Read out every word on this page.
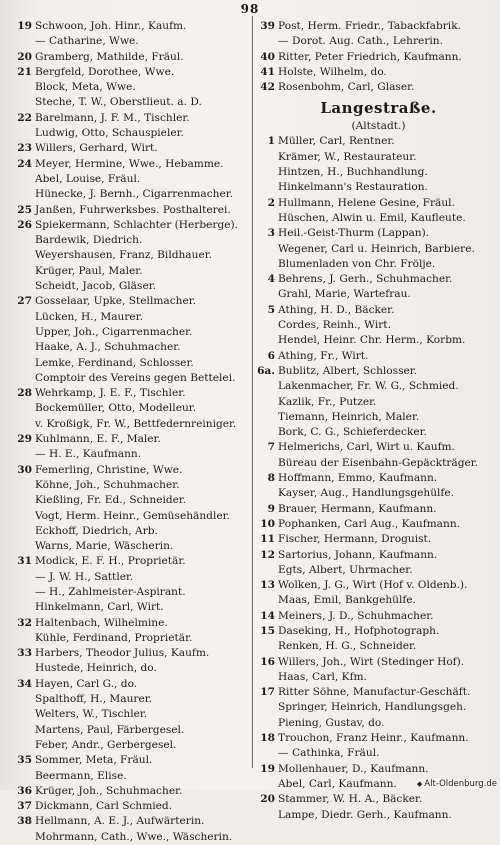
98
19 Schwoon, Joh. Hinr., Kaufm.
— Catharine, Wwe.
20 Gramberg, Mathilde, Fräul.
21 Bergfeld, Dorothee, Wwe.
Block, Meta, Wwe.
Steche, T. W., Oberstlieut. a. D.
22 Barelmann, J. F. M., Tischler.
Ludwig, Otto, Schauspieler.
23 Willers, Gerhard, Wirt.
24 Meyer, Hermine, Wwe., Hebamme.
Abel, Louise, Fräul.
Hünecke, J. Bernh., Cigarrenmacher.
25 Janßen, Fuhrwerksbes. Posthalterei.
26 Spiekermann, Schlachter (Herberge).
Bardewik, Diedrich.
Weyershausen, Franz, Bildhauer.
Krüger, Paul, Maler.
Scheidt, Jacob, Gläser.
27 Gosselaar, Upke, Stellmacher.
Lücken, H., Maurer.
Upper, Joh., Cigarrenmacher.
Haake, A. J., Schuhmacher.
Lemke, Ferdinand, Schlosser.
Comptoir des Vereins gegen Bettelei.
28 Wehrkamp, J. E. F., Tischler.
Bockemüller, Otto, Modelleur.
v. Kroßigk, Fr. W., Bettfedernreiniger.
29 Kuhlmann, E. F., Maler.
— H. E., Kaufmann.
30 Femerling, Christine, Wwe.
Köhne, Joh., Schuhmacher.
Kießling, Fr. Ed., Schneider.
Vogt, Herm. Heinr., Gemüsehändler.
Eckhoff, Diedrich, Arb.
Warns, Marie, Wäscherin.
31 Modick, E. F. H., Proprietär.
— J. W. H., Sattler.
— H., Zahlmeister-Aspirant.
Hinkelmann, Carl, Wirt.
32 Haltenbach, Wilhelmine.
Kühle, Ferdinand, Proprietär.
33 Harbers, Theodor Julius, Kaufm.
Hustede, Heinrich, do.
34 Hayen, Carl G., do.
Spalthoff, H., Maurer.
Welters, W., Tischler.
Martens, Paul, Färbergesel.
Feber, Andr., Gerbergesel.
35 Sommer, Meta, Fräul.
Beermann, Elise.
36 Krüger, Joh., Schuhmacher.
37 Dickmann, Carl Schmied.
38 Hellmann, A. E. J., Aufwärterin.
Mohrmann, Cath., Wwe., Wäscherin.
39 Post, Herm. Friedr., Tabackfabrik.
— Dorot. Aug. Cath., Lehrerin.
40 Ritter, Peter Friedrich, Kaufmann.
41 Holste, Wilhelm, do.
42 Rosenbohm, Carl, Glaser.
Langestraße.
(Altstadt.)
1 Müller, Carl, Rentner.
Krämer, W., Restaurateur.
Hintzen, H., Buchhandlung.
Hinkelmann's Restauration.
2 Hullmann, Helene Gesine, Fräul.
Hüschen, Alwin u. Emil, Kaufleute.
3 Heil.-Geist-Thurm (Lappan).
Wegener, Carl u. Heinrich, Barbiere.
Blumenladen von Chr. Frölje.
4 Behrens, J. Gerh., Schuhmacher.
Grahl, Marie, Wartefrau.
5 Athing, H. D., Bäcker.
Cordes, Reinh., Wirt.
Hendel, Heinr. Chr. Herm., Korbm.
6 Athing, Fr., Wirt.
6a. Bublitz, Albert, Schlosser.
Lakenmacher, Fr. W. G., Schmied.
Kazlik, Fr., Putzer.
Tiemann, Heinrich, Maler.
Bork, C. G., Schieferdecker.
7 Helmerichs, Carl, Wirt u. Kaufm.
Büreau der Eisenbahn-Gepäckträger.
8 Hoffmann, Emmo, Kaufmann.
Kayser, Aug., Handlungsgehülfe.
9 Brauer, Hermann, Kaufmann.
10 Pophanken, Carl Aug., Kaufmann.
11 Fischer, Hermann, Droguist.
12 Sartorius, Johann, Kaufmann.
Egts, Albert, Uhrmacher.
13 Wolken, J. G., Wirt (Hof v. Oldenb.).
Maas, Emil, Bankgehülfe.
14 Meiners, J. D., Schuhmacher.
15 Daseking, H., Hofphotograph.
Renken, H. G., Schneider.
16 Willers, Joh., Wirt (Stedinger Hof).
Haas, Carl, Kfm.
17 Ritter Söhne, Manufactur-Geschäft.
Springer, Heinrich, Handlungsgeh.
Piening, Gustav, do.
18 Trouchon, Franz Heinr., Kaufmann.
— Cathinka, Fräul.
19 Mollenhauer, D., Kaufmann.
Abel, Carl, Kaufmann.
20 Stammer, W. H. A., Bäcker.
Lampe, Diedr. Gerh., Kaufmann.
◆ Alt-Oldenburg.de
